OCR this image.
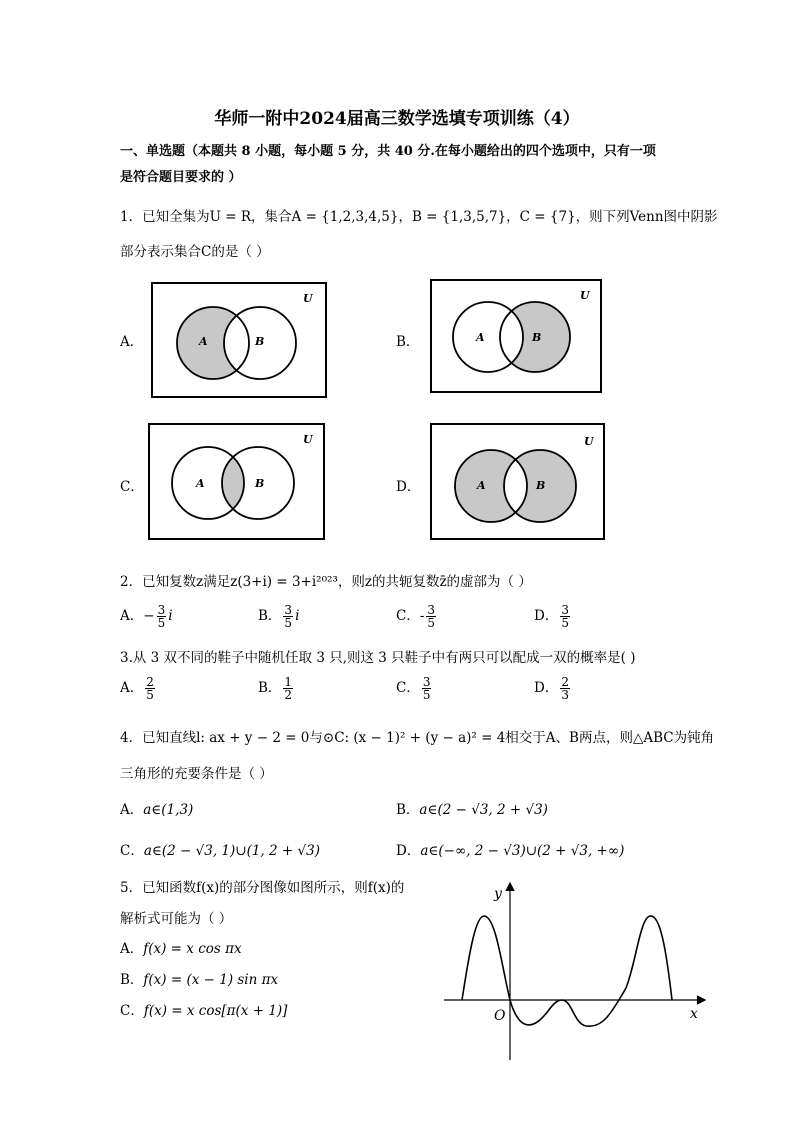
华师一附中2024届高三数学选填专项训练（4）
一、单选题（本题共 8 小题，每小题 5 分，共 40 分.在每小题给出的四个选项中，只有一项
是符合题目要求的 ）
1．已知全集为U = R，集合A = {1,2,3,4,5}，B = {1,3,5,7}，C = {7}，则下列Venn图中阴影
部分表示集合C的是（ ）
A．	A	B
U
B．	A	B
U
C．	A	B
U
D．	A	B
U
2．已知复数z满足z(3+i) = 3+i²⁰²³，则z的共轭复数z̄的虚部为（ ）
A．− $\frac{3}{5}$ i	B． $\frac{3}{5}$ i	C．- $\frac{3}{5}$	D． $\frac{3}{5}$
3.从 3 双不同的鞋子中随机任取 3 只,则这 3 只鞋子中有两只可以配成一双的概率是( )
A． $\frac{2}{5}$	B． $\frac{1}{2}$	C． $\frac{3}{5}$	D． $\frac{2}{3}$
4．已知直线l: ax + y − 2 = 0与⊙C: (x − 1)² + (y − a)² = 4相交于A、B两点，则△ABC为钝角
三角形的充要条件是（ ）
A．a∈(1,3)	B．a∈(2 − √3, 2 + √3)
C．a∈(2 − √3, 1)∪(1, 2 + √3)	D．a∈(−∞, 2 − √3)∪(2 + √3, +∞)
5．已知函数f(x)的部分图像如图所示，则f(x)的
解析式可能为（ ）
A．f(x) = x cos πx
B．f(x) = (x − 1) sin πx
C．f(x) = x cos[π(x + 1)]
y
x
O
